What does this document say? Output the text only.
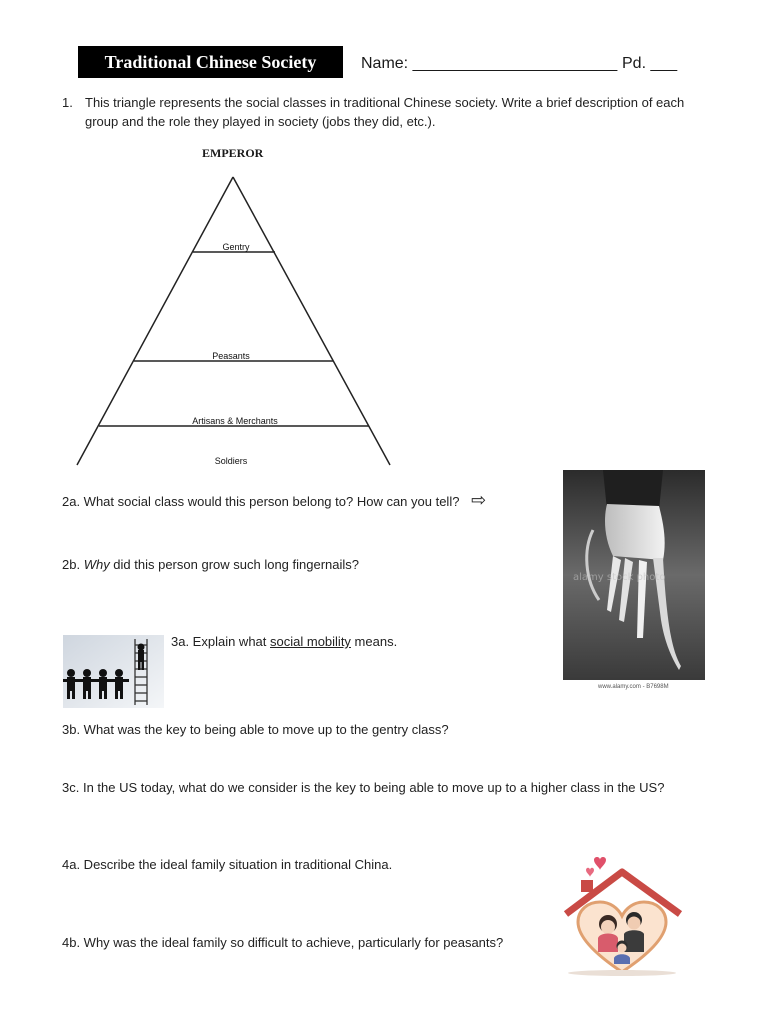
Traditional Chinese Society	Name: _______________________ Pd. ___
1. This triangle represents the social classes in traditional Chinese society. Write a brief description of each group and the role they played in society (jobs they did, etc.).
EMPEROR
Gentry
Peasants
Artisans & Merchants
Soldiers
2a. What social class would this person belong to? How can you tell? ⇨
alamy stock photo
www.alamy.com - B7698M
2b. Why did this person grow such long fingernails?
3a. Explain what social mobility means.
3b. What was the key to being able to move up to the gentry class?
3c. In the US today, what do we consider is the key to being able to move up to a higher class in the US?
4a. Describe the ideal family situation in traditional China.
4b. Why was the ideal family so difficult to achieve, particularly for peasants?
